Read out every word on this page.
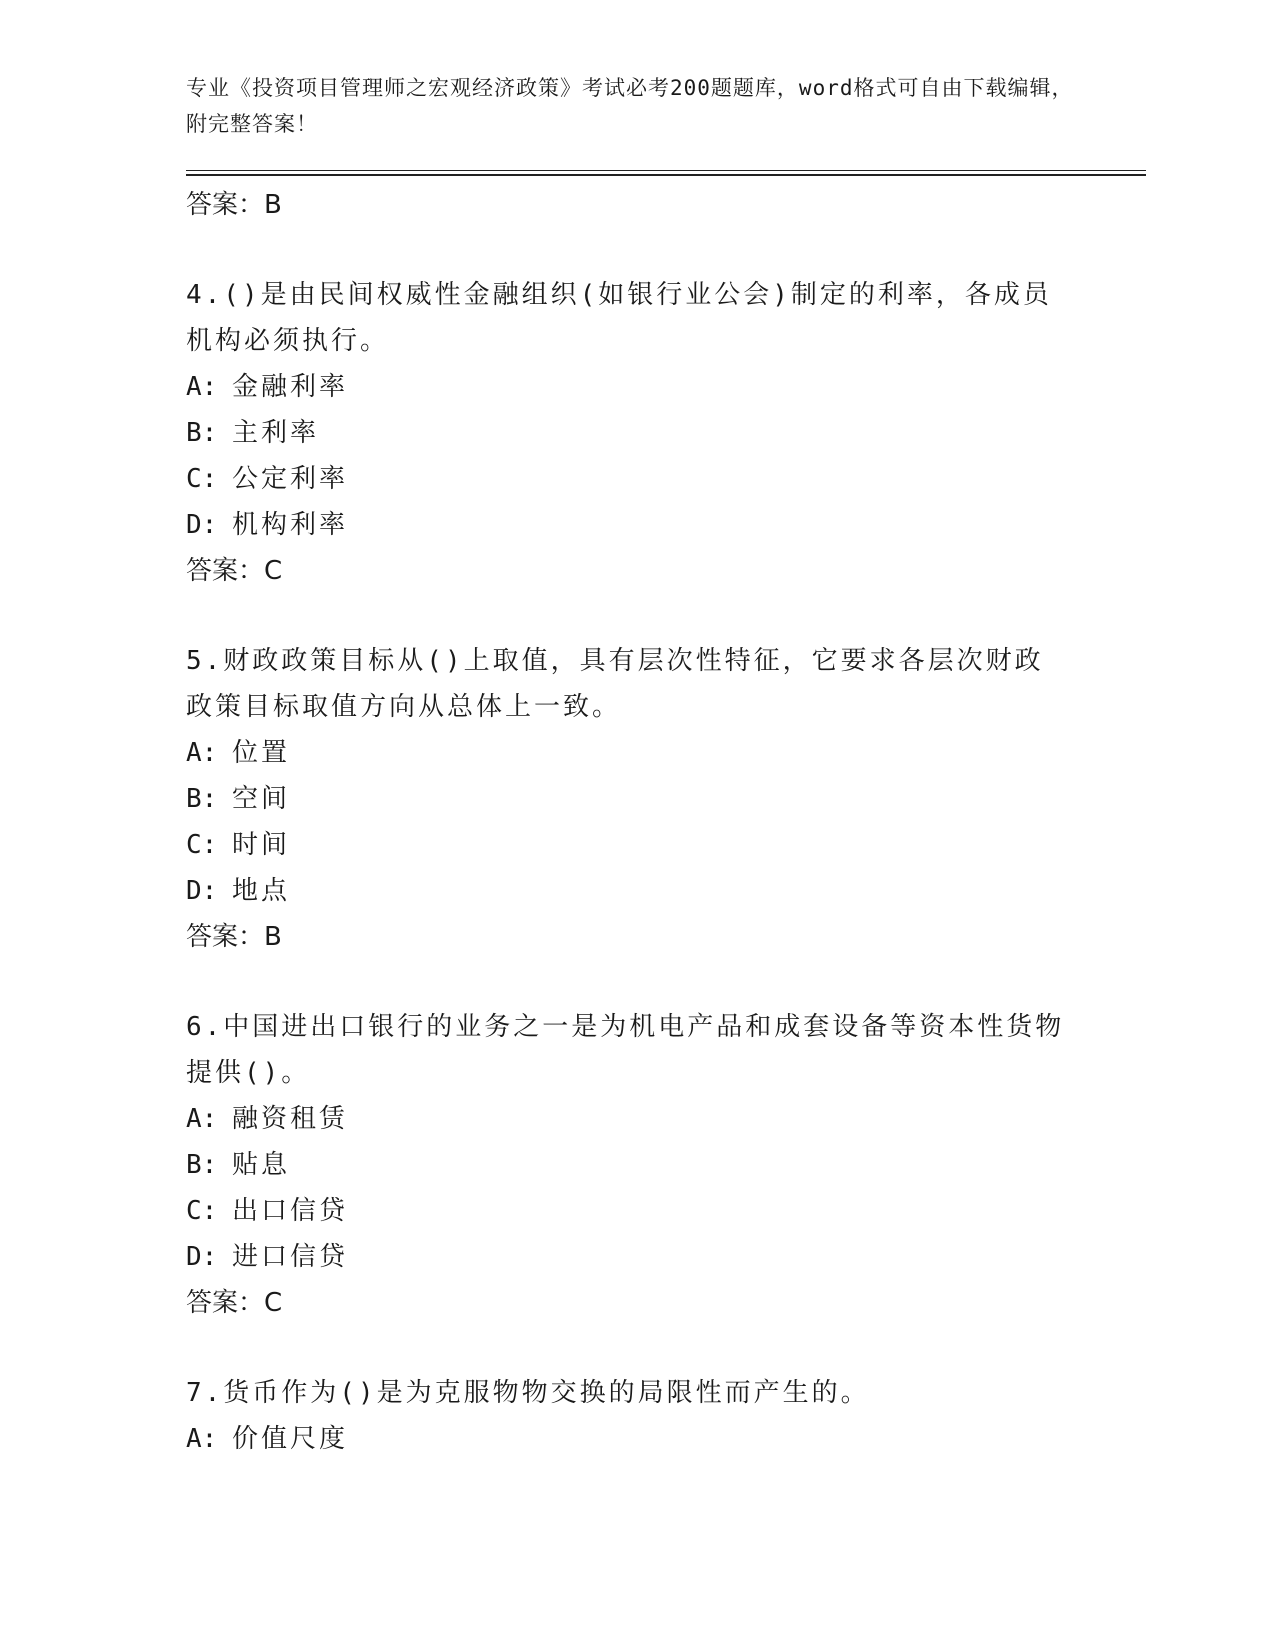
专业《投资项目管理师之宏观经济政策》考试必考200题题库，word格式可自由下载编辑，附完整答案！

答案：B

4.()是由民间权威性金融组织(如银行业公会)制定的利率，各成员机构必须执行。

A: 金融利率

B: 主利率

C: 公定利率

D: 机构利率

答案：C

5.财政政策目标从()上取值，具有层次性特征，它要求各层次财政政策目标取值方向从总体上一致。

A: 位置

B: 空间

C: 时间

D: 地点

答案：B

6.中国进出口银行的业务之一是为机电产品和成套设备等资本性货物提供()。

A: 融资租赁

B: 贴息

C: 出口信贷

D: 进口信贷

答案：C

7.货币作为()是为克服物物交换的局限性而产生的。

A: 价值尺度
